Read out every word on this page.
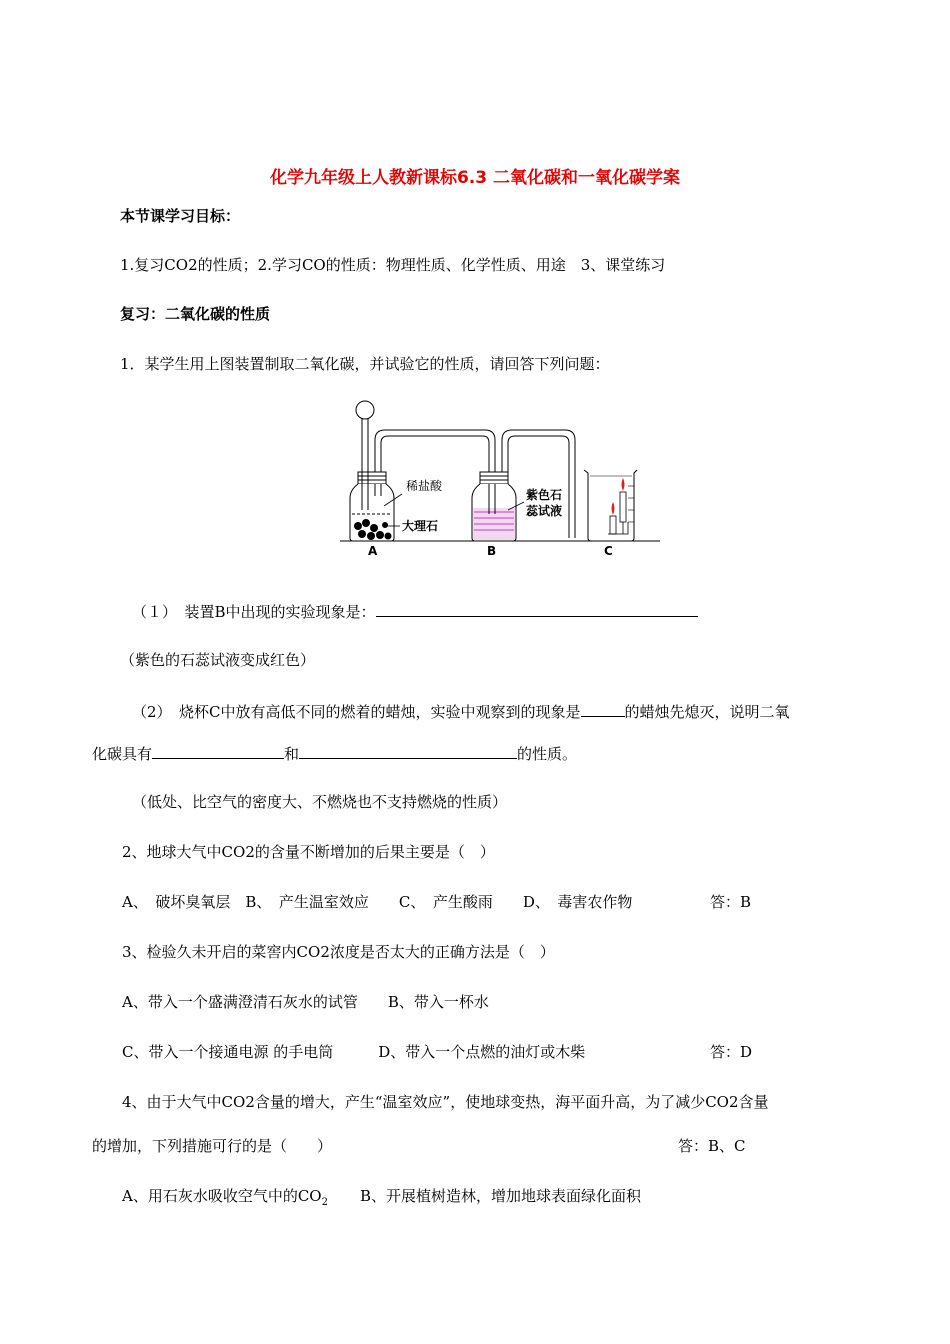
化学九年级上人教新课标6.3 二氧化碳和一氧化碳学案
本节课学习目标：
1.复习CO2的性质；2.学习CO的性质：物理性质、化学性质、用途　3、课堂练习
复习：二氧化碳的性质
1．某学生用上图装置制取二氧化碳，并试验它的性质，请回答下列问题：
稀盐酸
大理石
紫色石
蕊试液
A	B	C
（１）　装置B中出现的实验现象是：
（紫色的石蕊试液变成红色）
（2）　烧杯C中放有高低不同的燃着的蜡烛，实验中观察到的现象是	的蜡烛先熄灭，说明二氧
化碳具有	和	的性质。
（低处、比空气的密度大、不燃烧也不支持燃烧的性质）
2、地球大气中CO2的含量不断增加的后果主要是（　）
A、　破坏臭氧层　B、　产生温室效应　　C、　产生酸雨　　D、　毒害农作物	答：B
3、检验久未开启的菜窖内CO2浓度是否太大的正确方法是（　）
A、带入一个盛满澄清石灰水的试管　　B、带入一杯水
C、带入一个接通电源 的手电筒　　　D、带入一个点燃的油灯或木柴	答：D
4、由于大气中CO2含量的增大，产生“温室效应”，使地球变热，海平面升高，为了减少CO2含量
的增加，下列措施可行的是（　　）	答：B、C
A、用石灰水吸收空气中的$CO_2$ B、开展植树造林，增加地球表面绿化面积
